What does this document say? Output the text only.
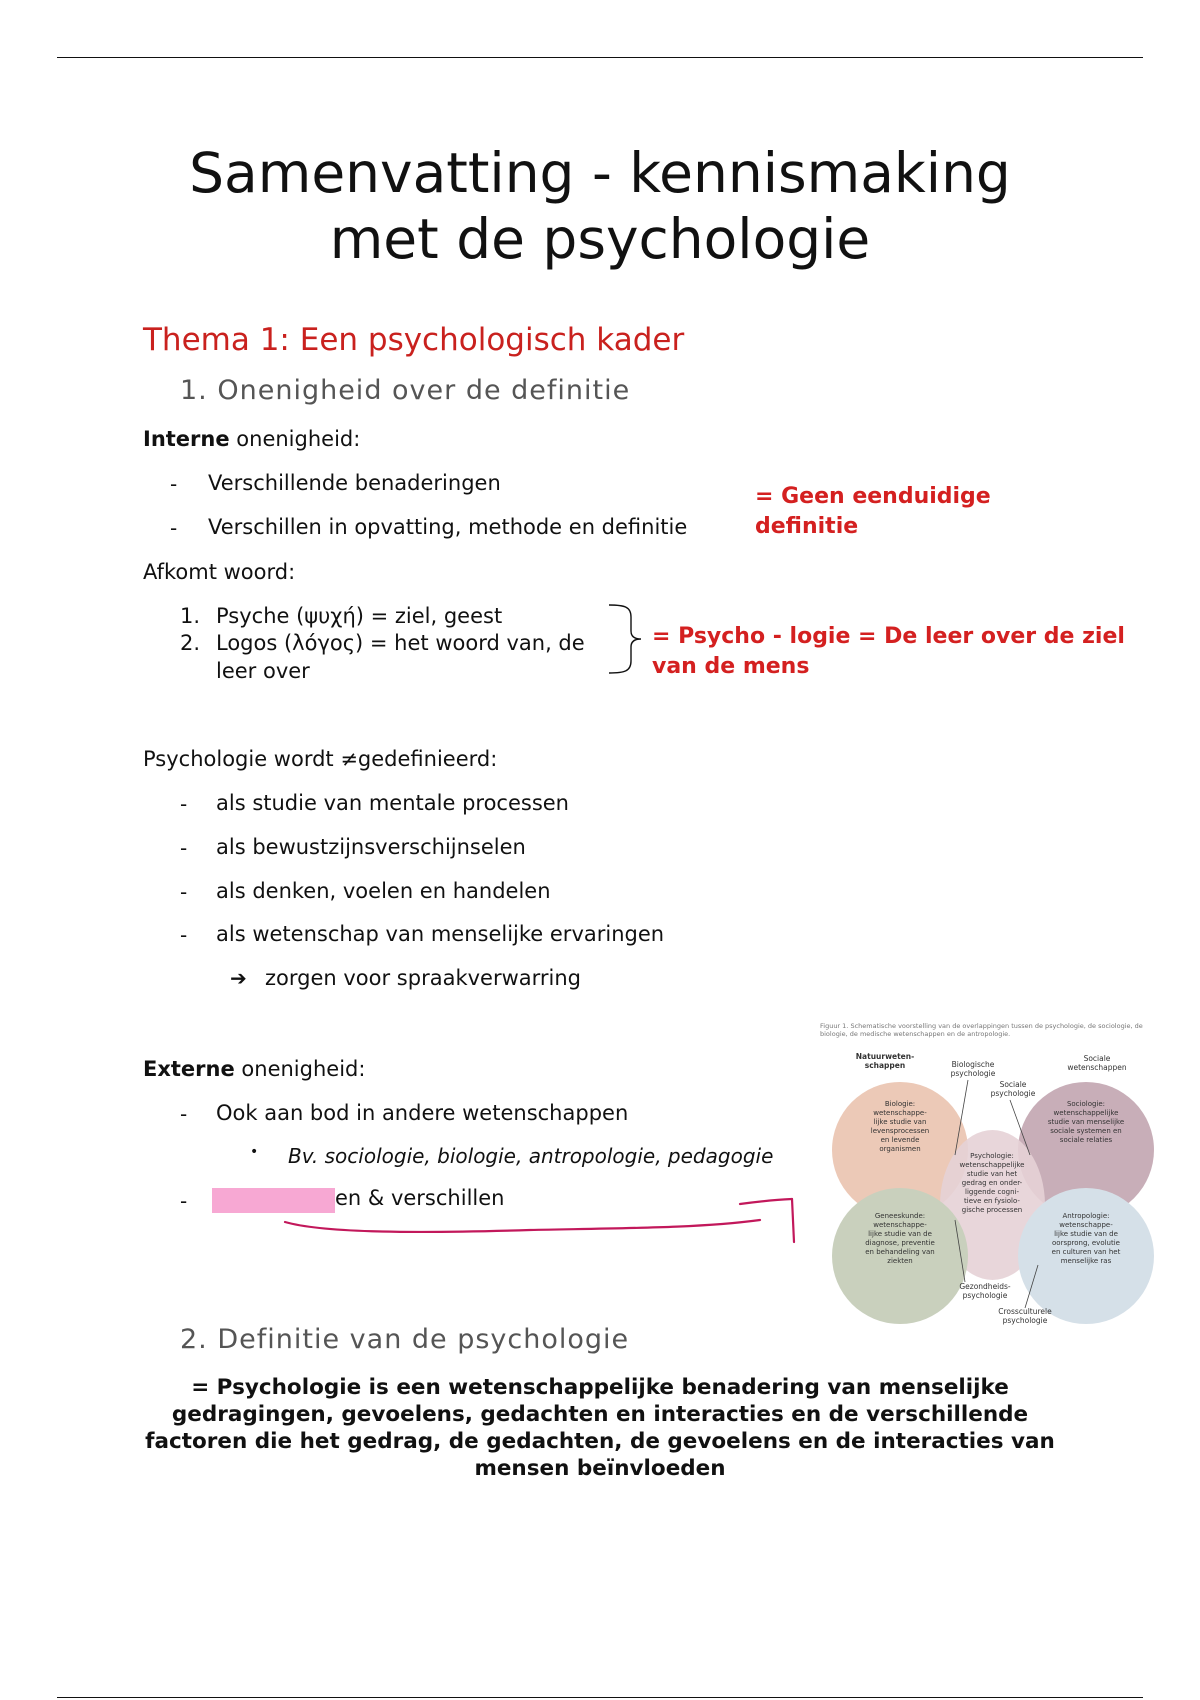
Samenvatting - kennismaking
met de psychologie
Thema 1: Een psychologisch kader
1. Onenigheid over de definitie
Interne onenigheid:
- Verschillende benaderingen
- Verschillen in opvatting, methode en definitie
= Geen eenduidige definitie
Afkomt woord:
1. Psyche (ψυχή) = ziel, geest
2. Logos (λόγος) = het woord van, de
leer over
= Psycho - logie = De leer over de ziel van de mens
Psychologie wordt ≠gedefinieerd:
- als studie van mentale processen
- als bewustzijnsverschijnselen
- als denken, voelen en handelen
- als wetenschap van menselijke ervaringen
➔ zorgen voor spraakverwarring
Externe onenigheid:
- Ook aan bod in andere wetenschappen
• Bv. sociologie, biologie, antropologie, pedagogie
-	en & verschillen
Figuur 1. Schematische voorstelling van de overlappingen tussen de psychologie, de sociologie, de biologie, de medische wetenschappen en de antropologie.
Natuurweten-
schappen	Biologische
psychologie
Sociale
psychologie
Sociale
wetenschappen
Gezondheids-
psychologie
Crossculturele
psychologie
Biologie:
wetenschappe-
lijke studie van
levensprocessen
en levende
organismen
Sociologie:
wetenschappelijke
studie van menselijke
sociale systemen en
sociale relaties
Psychologie:
wetenschappelijke
studie van het
gedrag en onder-
liggende cogni-
tieve en fysiolo-
gische processen
Geneeskunde:
wetenschappe-
lijke studie van de
diagnose, preventie
en behandeling van
ziekten
Antropologie:
wetenschappe-
lijke studie van de
oorsprong, evolutie
en culturen van het
menselijke ras
2. Definitie van de psychologie
= Psychologie is een wetenschappelijke benadering van menselijke gedragingen, gevoelens, gedachten en interacties en de verschillende factoren die het gedrag, de gedachten, de gevoelens en de interacties van mensen beïnvloeden
